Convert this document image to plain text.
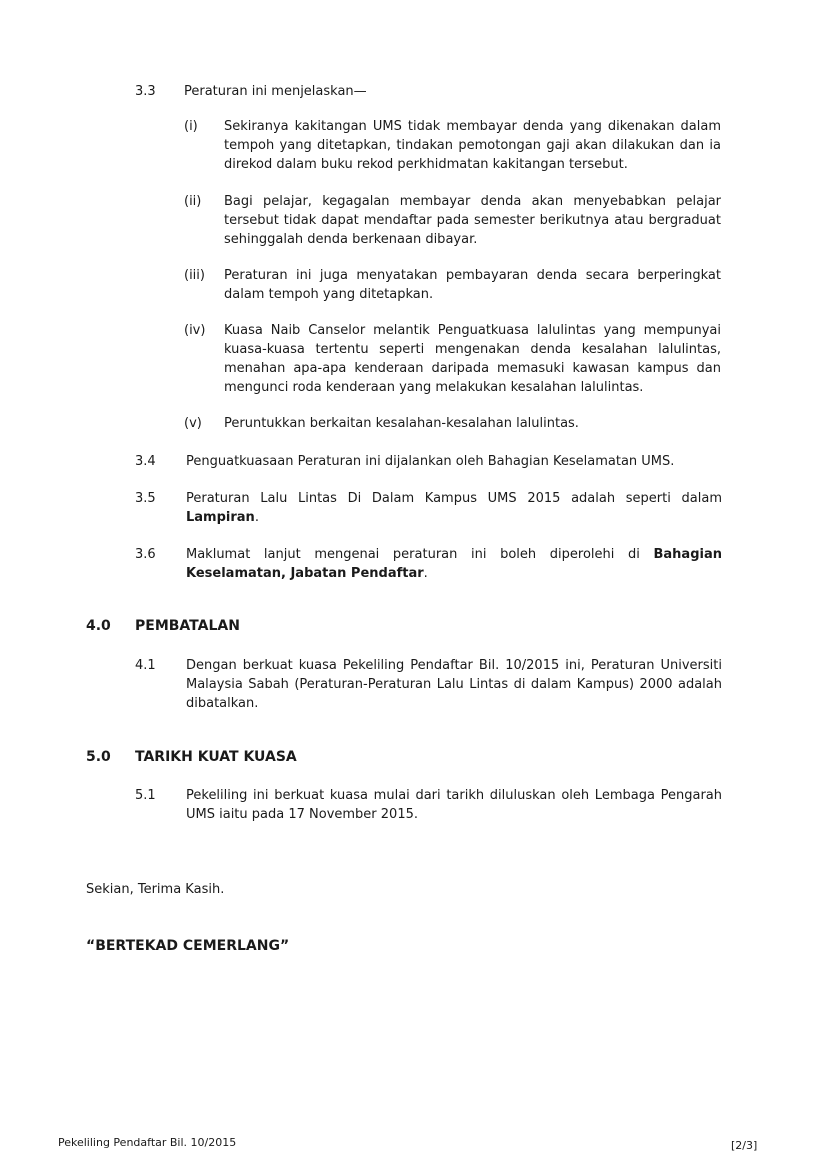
3.3 Peraturan ini menjelaskan—
(i) Sekiranya kakitangan UMS tidak membayar denda yang dikenakan dalam tempoh yang ditetapkan, tindakan pemotongan gaji akan dilakukan dan ia direkod dalam buku rekod perkhidmatan kakitangan tersebut.
(ii) Bagi pelajar, kegagalan membayar denda akan menyebabkan pelajar tersebut tidak dapat mendaftar pada semester berikutnya atau bergraduat sehinggalah denda berkenaan dibayar.
(iii) Peraturan ini juga menyatakan pembayaran denda secara berperingkat dalam tempoh yang ditetapkan.
(iv) Kuasa Naib Canselor melantik Penguatkuasa lalulintas yang mempunyai kuasa-kuasa tertentu seperti mengenakan denda kesalahan lalulintas, menahan apa-apa kenderaan daripada memasuki kawasan kampus dan mengunci roda kenderaan yang melakukan kesalahan lalulintas.
(v) Peruntukkan berkaitan kesalahan-kesalahan lalulintas.
3.4 Penguatkuasaan Peraturan ini dijalankan oleh Bahagian Keselamatan UMS.
3.5 Peraturan Lalu Lintas Di Dalam Kampus UMS 2015 adalah seperti dalam Lampiran.
3.6 Maklumat lanjut mengenai peraturan ini boleh diperolehi di Bahagian Keselamatan, Jabatan Pendaftar.
4.0 PEMBATALAN
4.1 Dengan berkuat kuasa Pekeliling Pendaftar Bil. 10/2015 ini, Peraturan Universiti Malaysia Sabah (Peraturan-Peraturan Lalu Lintas di dalam Kampus) 2000 adalah dibatalkan.
5.0 TARIKH KUAT KUASA
5.1 Pekeliling ini berkuat kuasa mulai dari tarikh diluluskan oleh Lembaga Pengarah UMS iaitu pada 17 November 2015.
Sekian, Terima Kasih.
“BERTEKAD CEMERLANG”
Pekeliling Pendaftar Bil. 10/2015	[2/3]
